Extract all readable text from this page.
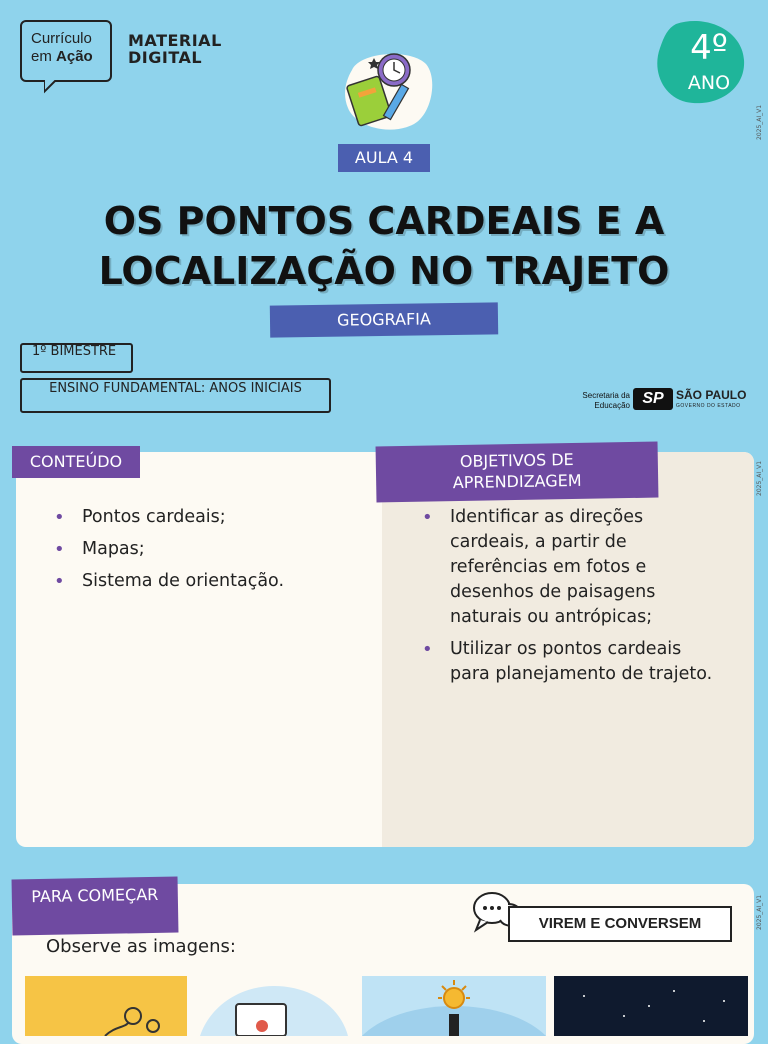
Currículo
em Ação
MATERIAL
DIGITAL	4º
ANO
2025_AI_V1
2025_AI_V1
2025_AI_V1
AULA 4
OS PONTOS CARDEAIS E A
LOCALIZAÇÃO NO TRAJETO
GEOGRAFIA
1º BIMESTRE
ENSINO FUNDAMENTAL: ANOS INICIAIS	Secretaria da
Educação SP	SÃO PAULO
GOVERNO DO ESTADO
CONTEÚDO
• Pontos cardeais;
• Mapas;
• Sistema de orientação.
OBJETIVOS DE APRENDIZAGEM
• Identificar as direções cardeais, a partir de referências em fotos e desenhos de paisagens naturais ou antrópicas;
• Utilizar os pontos cardeais para planejamento de trajeto.
PARA COMEÇAR
VIREM E CONVERSEM
Observe as imagens:
